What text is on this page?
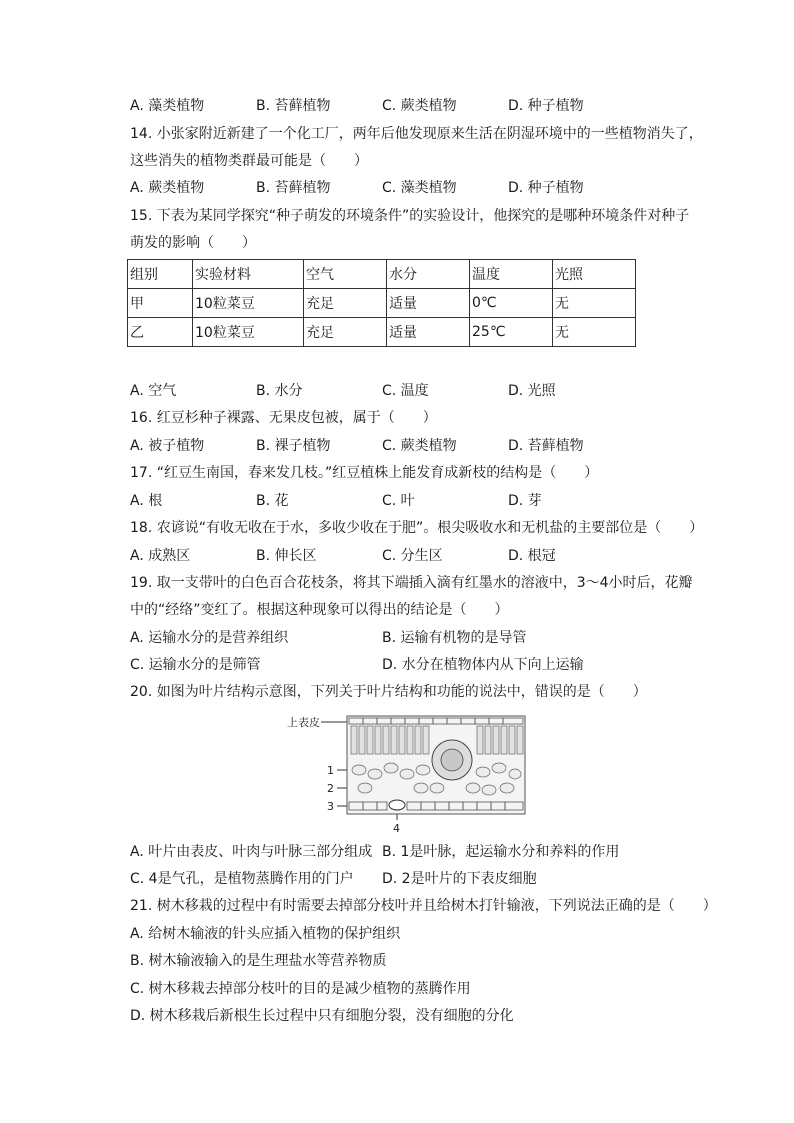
A. 藻类植物	B. 苔藓植物	C. 蕨类植物	D. 种子植物
14. 小张家附近新建了一个化工厂，两年后他发现原来生活在阴湿环境中的一些植物消失了，
这些消失的植物类群最可能是（　　）
A. 蕨类植物	B. 苔藓植物	C. 藻类植物	D. 种子植物
15. 下表为某同学探究“种子萌发的环境条件”的实验设计，他探究的是哪种环境条件对种子
萌发的影响（　　）
组别	实验材料	空气	水分	温度	光照
甲	10粒菜豆	充足	适量	0℃	无
乙	10粒菜豆	充足	适量	25℃	无
A. 空气	B. 水分	C. 温度	D. 光照
16. 红豆杉种子裸露、无果皮包被，属于（　　）
A. 被子植物	B. 裸子植物	C. 蕨类植物	D. 苔藓植物
17. “红豆生南国，春来发几枝。”红豆植株上能发育成新枝的结构是（　　）
A. 根	B. 花	C. 叶	D. 芽
18. 农谚说“有收无收在于水，多收少收在于肥”。根尖吸收水和无机盐的主要部位是（　　）
A. 成熟区	B. 伸长区	C. 分生区	D. 根冠
19. 取一支带叶的白色百合花枝条，将其下端插入滴有红墨水的溶液中，3～4小时后，花瓣
中的“经络”变红了。根据这种现象可以得出的结论是（　　）
A. 运输水分的是营养组织	B. 运输有机物的是导管
C. 运输水分的是筛管	D. 水分在植物体内从下向上运输
20. 如图为叶片结构示意图，下列关于叶片结构和功能的说法中，错误的是（　　）
上表皮
1
2
3
4
A. 叶片由表皮、叶肉与叶脉三部分组成 B. 1是叶脉，起运输水分和养料的作用
C. 4是气孔，是植物蒸腾作用的门户 D. 2是叶片的下表皮细胞
21. 树木移栽的过程中有时需要去掉部分枝叶并且给树木打针输液，下列说法正确的是（　　）
A. 给树木输液的针头应插入植物的保护组织
B. 树木输液输入的是生理盐水等营养物质
C. 树木移栽去掉部分枝叶的目的是减少植物的蒸腾作用
D. 树木移栽后新根生长过程中只有细胞分裂，没有细胞的分化
